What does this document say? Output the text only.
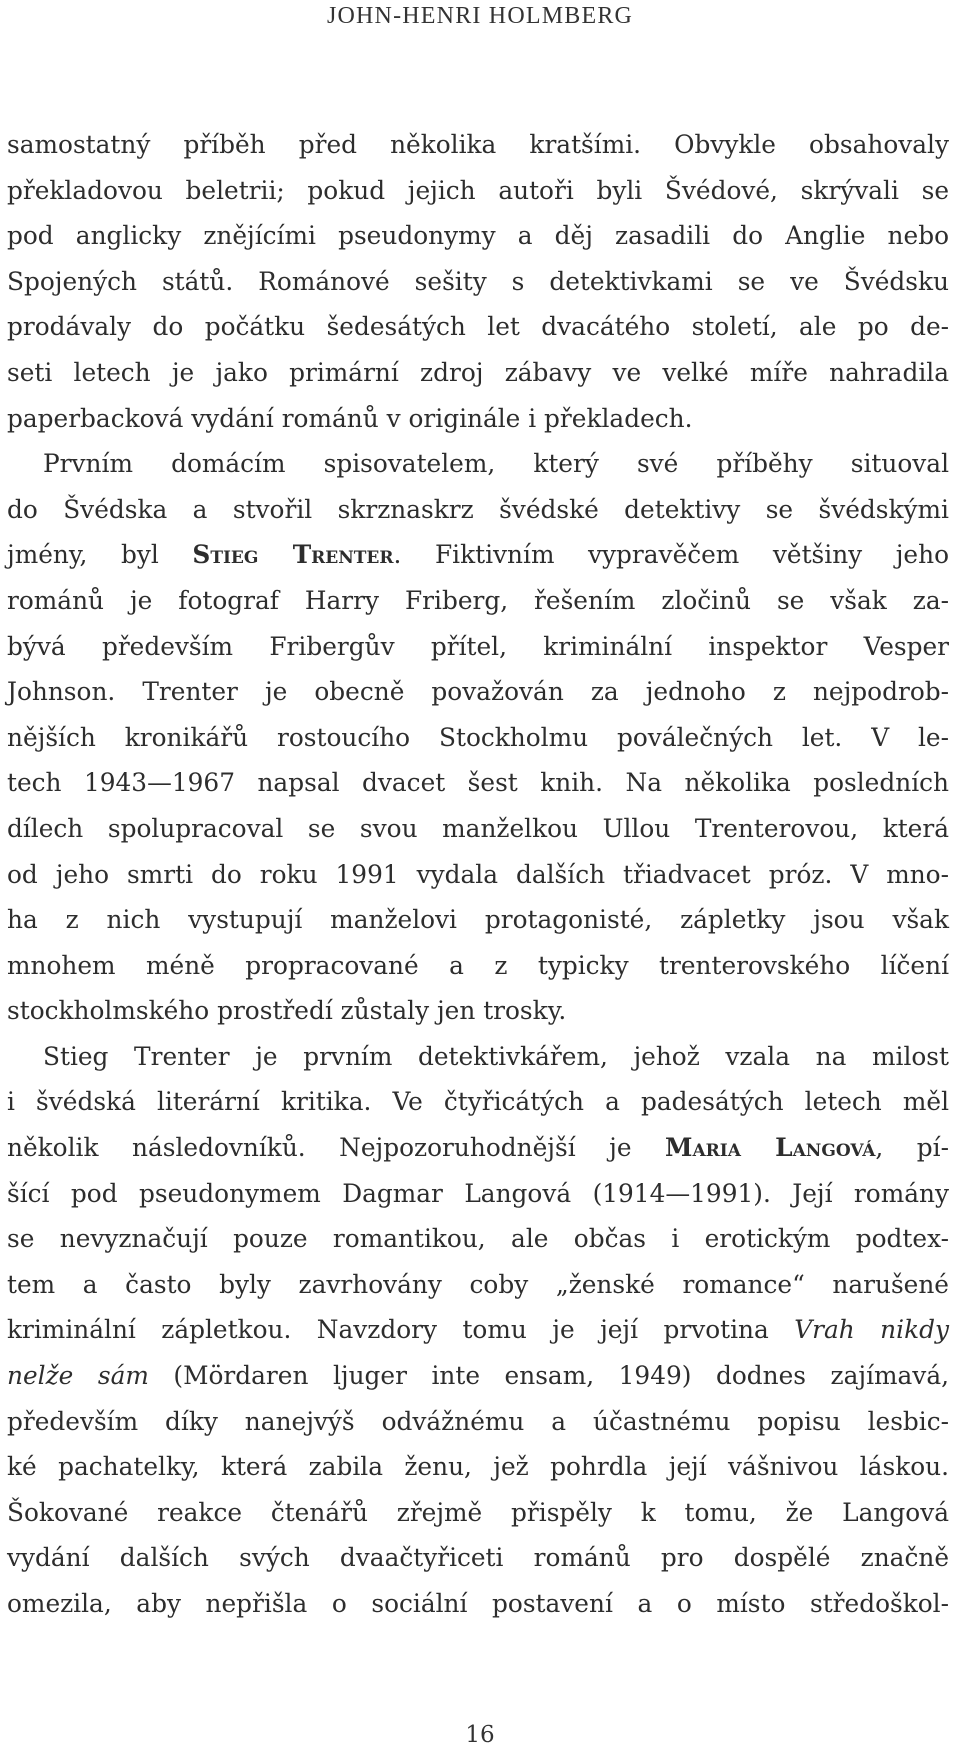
JOHN-HENRI HOLMBERG
samostatný příběh před několika kratšími. Obvykle obsahovaly
překladovou beletrii; pokud jejich autoři byli Švédové, skrývali se
pod anglicky znějícími pseudonymy a děj zasadili do Anglie nebo
Spojených států. Románové sešity s detektivkami se ve Švédsku
prodávaly do počátku šedesátých let dvacátého století, ale po de-
seti letech je jako primární zdroj zábavy ve velké míře nahradila
paperbacková vydání románů v originále i překladech.
Prvním domácím spisovatelem, který své příběhy situoval
do Švédska a stvořil skrznaskrz švédské detektivy se švédskými
jmény, byl Stieg Trenter. Fiktivním vypravěčem většiny jeho
románů je fotograf Harry Friberg, řešením zločinů se však za-
bývá především Fribergův přítel, kriminální inspektor Vesper
Johnson. Trenter je obecně považován za jednoho z nejpodrob-
nějších kronikářů rostoucího Stockholmu poválečných let. V le-
tech 1943—1967 napsal dvacet šest knih. Na několika posledních
dílech spolupracoval se svou manželkou Ullou Trenterovou, která
od jeho smrti do roku 1991 vydala dalších třiadvacet próz. V mno-
ha z nich vystupují manželovi protagonisté, zápletky jsou však
mnohem méně propracované a z typicky trenterovského líčení
stockholmského prostředí zůstaly jen trosky.
Stieg Trenter je prvním detektivkářem, jehož vzala na milost
i švédská literární kritika. Ve čtyřicátých a padesátých letech měl
několik následovníků. Nejpozoruhodnější je Maria Langová, pí-
šící pod pseudonymem Dagmar Langová (1914—1991). Její romány
se nevyznačují pouze romantikou, ale občas i erotickým podtex-
tem a často byly zavrhovány coby „ženské romance“ narušené
kriminální zápletkou. Navzdory tomu je její prvotina Vrah nikdy
nelže sám (Mördaren ljuger inte ensam, 1949) dodnes zajímavá,
především díky nanejvýš odvážnému a účastnému popisu lesbic-
ké pachatelky, která zabila ženu, jež pohrdla její vášnivou láskou.
Šokované reakce čtenářů zřejmě přispěly k tomu, že Langová
vydání dalších svých dvaačtyřiceti románů pro dospělé značně
omezila, aby nepřišla o sociální postavení a o místo středoškol-
16
